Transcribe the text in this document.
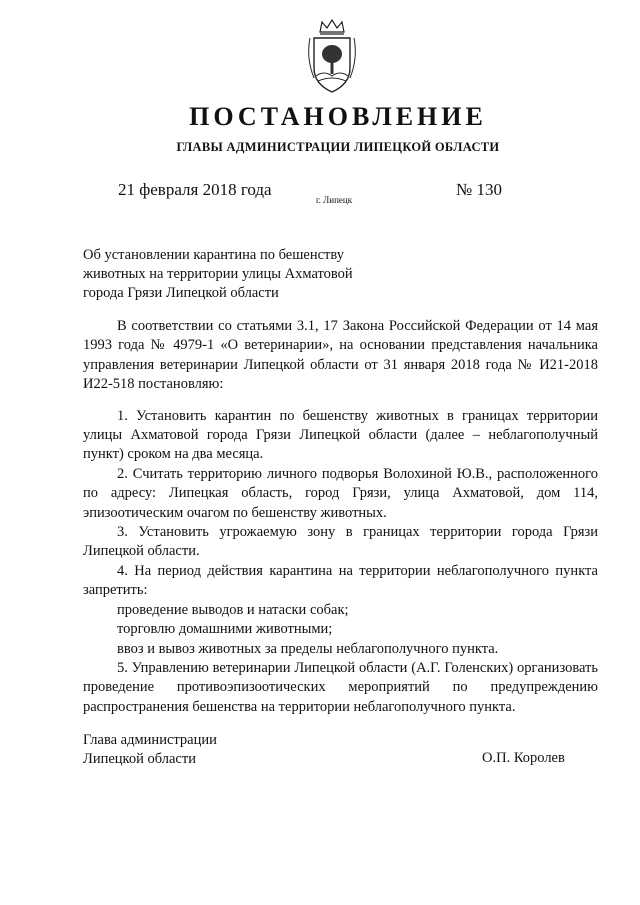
ПОСТАНОВЛЕНИЕ
ГЛАВЫ АДМИНИСТРАЦИИ ЛИПЕЦКОЙ ОБЛАСТИ
21 февраля 2018 года
г. Липецк
№ 130
Об установлении карантина по бешенству
животных на территории улицы Ахматовой
города Грязи Липецкой области

В соответствии со статьями 3.1, 17 Закона Российской Федерации от 14 мая 1993 года № 4979-1 «О ветеринарии», на основании представления начальника управления ветеринарии Липецкой области от 31 января 2018 года № И21-2018 И22-518 постановляю:

1. Установить карантин по бешенству животных в границах территории улицы Ахматовой города Грязи Липецкой области (далее – неблагополучный пункт) сроком на два месяца.

2. Считать территорию личного подворья Волохиной Ю.В., расположенного по адресу: Липецкая область, город Грязи, улица Ахматовой, дом 114, эпизоотическим очагом по бешенству животных.

3. Установить угрожаемую зону в границах территории города Грязи Липецкой области.

4. На период действия карантина на территории неблагополучного пункта запретить:

проведение выводов и натаски собак;

торговлю домашними животными;

ввоз и вывоз животных за пределы неблагополучного пункта.

5. Управлению ветеринарии Липецкой области (А.Г. Голенских) организовать проведение противоэпизоотических мероприятий по предупреждению распространения бешенства на территории неблагополучного пункта.

Глава администрации
Липецкой области	О.П. Королев
